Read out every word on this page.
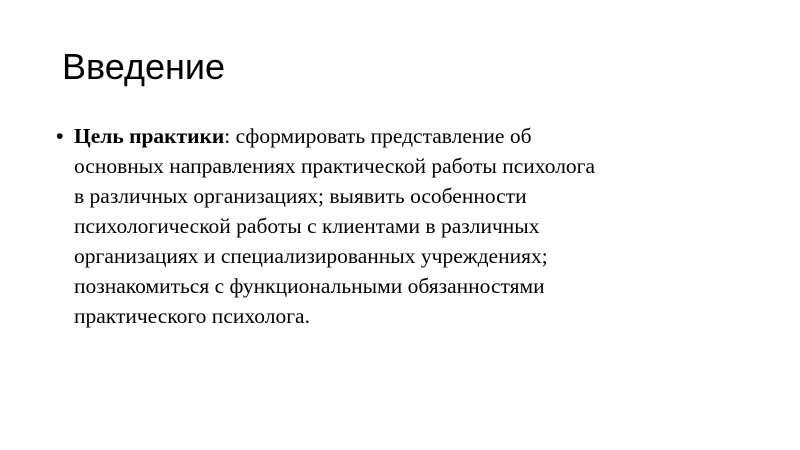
Введение
• Цель практики: сформировать представление об
основных направлениях практической работы психолога
в различных организациях; выявить особенности
психологической работы с клиентами в различных
организациях и специализированных учреждениях;
познакомиться с функциональными обязанностями
практического психолога.
